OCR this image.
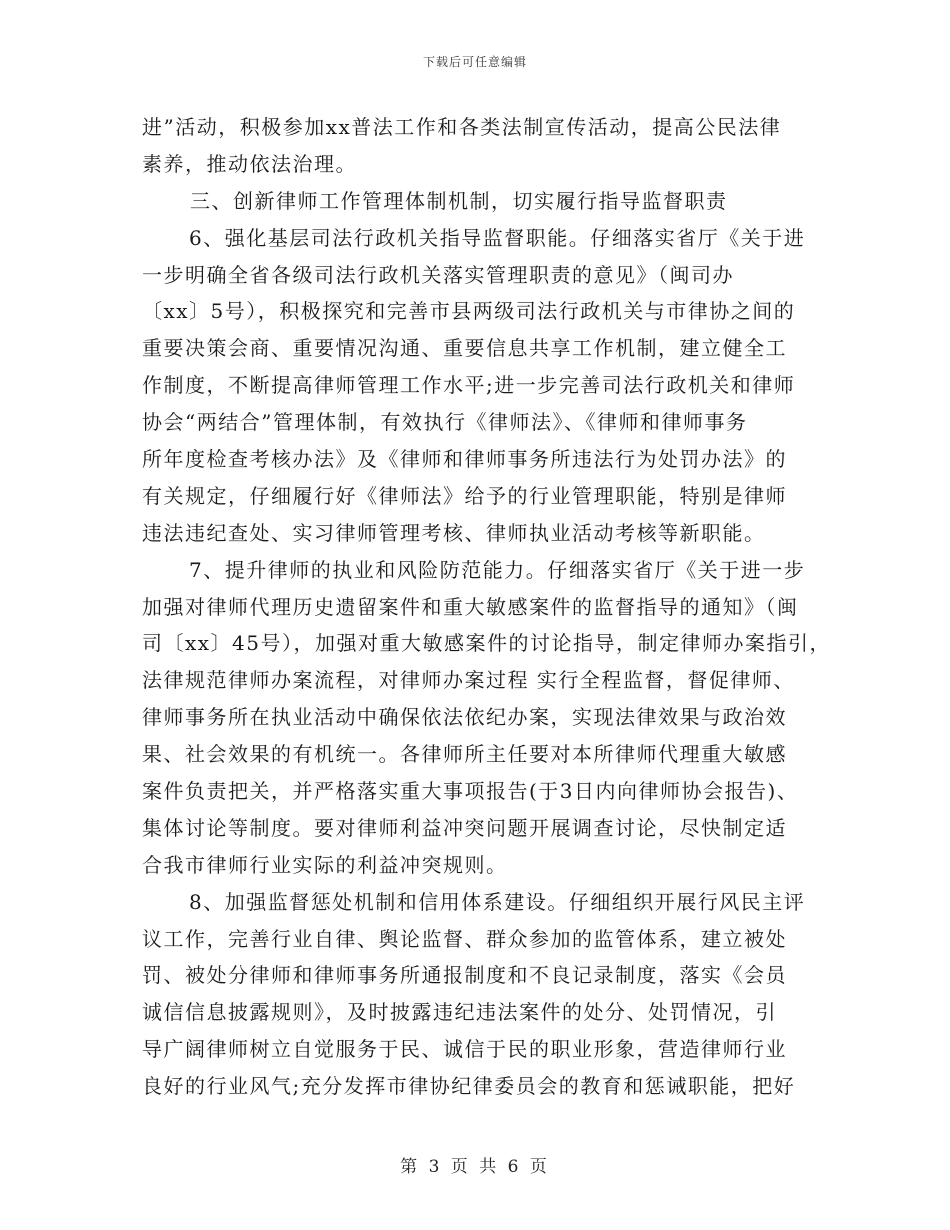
下载后可任意编辑
进”活动，积极参加xx普法工作和各类法制宣传活动，提高公民法律
素养，推动依法治理。
三、创新律师工作管理体制机制，切实履行指导监督职责
6、强化基层司法行政机关指导监督职能。仔细落实省厅《关于进
一步明确全省各级司法行政机关落实管理职责的意见》（闽司办
〔xx〕5号），积极探究和完善市县两级司法行政机关与市律协之间的
重要决策会商、重要情况沟通、重要信息共享工作机制，建立健全工
作制度，不断提高律师管理工作水平;进一步完善司法行政机关和律师
协会“两结合”管理体制，有效执行《律师法》、《律师和律师事务
所年度检查考核办法》及《律师和律师事务所违法行为处罚办法》的
有关规定，仔细履行好《律师法》给予的行业管理职能，特别是律师
违法违纪查处、实习律师管理考核、律师执业活动考核等新职能。
7、提升律师的执业和风险防范能力。仔细落实省厅《关于进一步
加强对律师代理历史遗留案件和重大敏感案件的监督指导的通知》（闽
司〔xx〕45号），加强对重大敏感案件的讨论指导，制定律师办案指引，
法律规范律师办案流程，对律师办案过程 实行全程监督，督促律师、
律师事务所在执业活动中确保依法依纪办案，实现法律效果与政治效
果、社会效果的有机统一。各律师所主任要对本所律师代理重大敏感
案件负责把关，并严格落实重大事项报告(于3日内向律师协会报告)、
集体讨论等制度。要对律师利益冲突问题开展调查讨论，尽快制定适
合我市律师行业实际的利益冲突规则。
8、加强监督惩处机制和信用体系建设。仔细组织开展行风民主评
议工作，完善行业自律、舆论监督、群众参加的监管体系，建立被处
罚、被处分律师和律师事务所通报制度和不良记录制度，落实《会员
诚信信息披露规则》，及时披露违纪违法案件的处分、处罚情况，引
导广阔律师树立自觉服务于民、诚信于民的职业形象，营造律师行业
良好的行业风气;充分发挥市律协纪律委员会的教育和惩诫职能，把好
第 3 页 共 6 页
